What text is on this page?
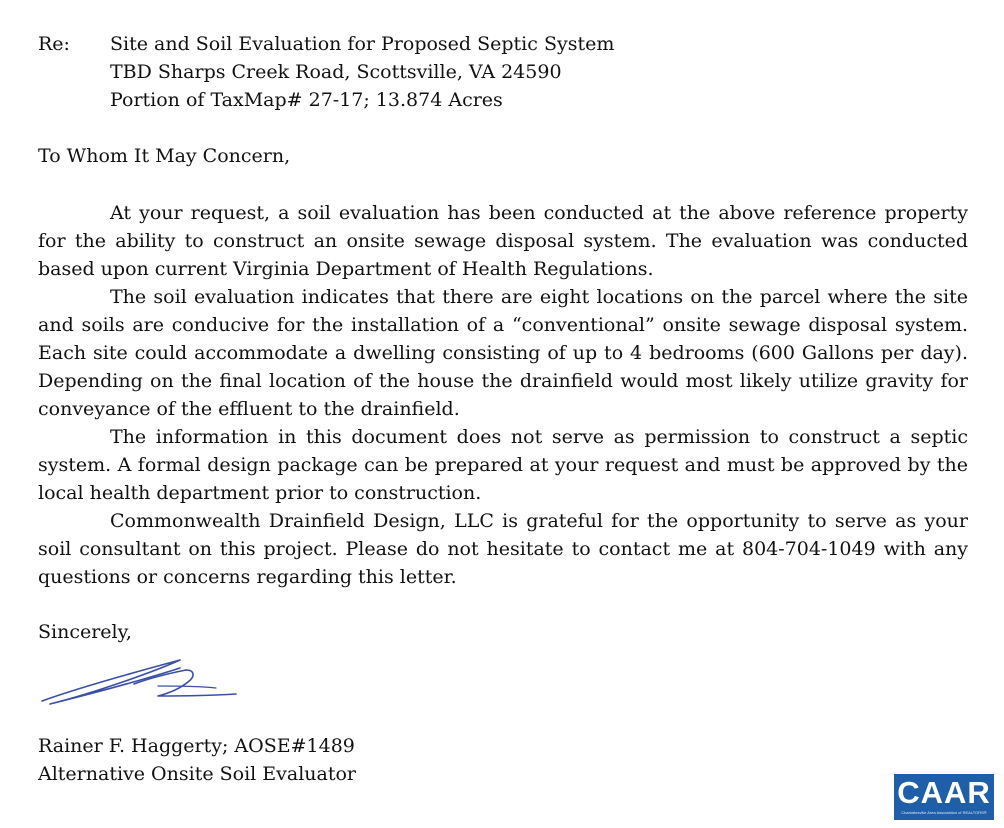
Re: Site and Soil Evaluation for Proposed Septic System
TBD Sharps Creek Road, Scottsville, VA 24590
Portion of TaxMap# 27-17; 13.874 Acres
To Whom It May Concern,

At your request, a soil evaluation has been conducted at the above reference property for the ability to construct an onsite sewage disposal system. The evaluation was conducted based upon current Virginia Department of Health Regulations.

The soil evaluation indicates that there are eight locations on the parcel where the site and soils are conducive for the installation of a “conventional” onsite sewage disposal system. Each site could accommodate a dwelling consisting of up to 4 bedrooms (600 Gallons per day). Depending on the final location of the house the drainfield would most likely utilize gravity for conveyance of the effluent to the drainfield.

The information in this document does not serve as permission to construct a septic system. A formal design package can be prepared at your request and must be approved by the local health department prior to construction.

Commonwealth Drainfield Design, LLC is grateful for the opportunity to serve as your soil consultant on this project. Please do not hesitate to contact me at 804-704-1049 with any questions or concerns regarding this letter.

Sincerely,
Rainer F. Haggerty; AOSE#1489
Alternative Onsite Soil Evaluator
CAAR
Charlottesville Area Association of REALTORS®
